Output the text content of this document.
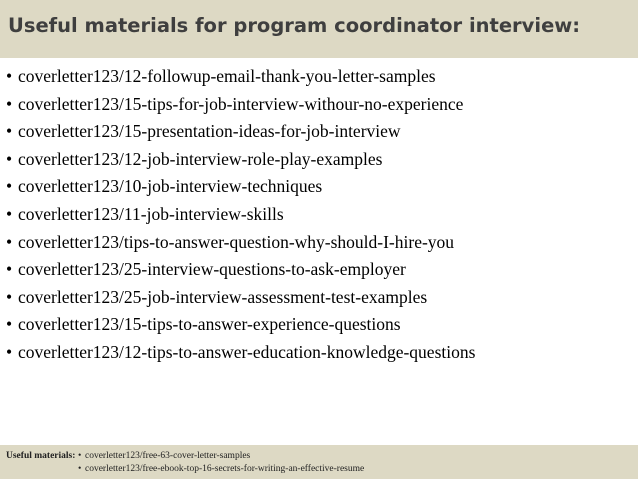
Useful materials for program coordinator interview:
• coverletter123/12-followup-email-thank-you-letter-samples
• coverletter123/15-tips-for-job-interview-withour-no-experience
• coverletter123/15-presentation-ideas-for-job-interview
• coverletter123/12-job-interview-role-play-examples
• coverletter123/10-job-interview-techniques
• coverletter123/11-job-interview-skills
• coverletter123/tips-to-answer-question-why-should-I-hire-you
• coverletter123/25-interview-questions-to-ask-employer
• coverletter123/25-job-interview-assessment-test-examples
• coverletter123/15-tips-to-answer-experience-questions
• coverletter123/12-tips-to-answer-education-knowledge-questions
Useful materials: • coverletter123/free-63-cover-letter-samples
• coverletter123/free-ebook-top-16-secrets-for-writing-an-effective-resume
